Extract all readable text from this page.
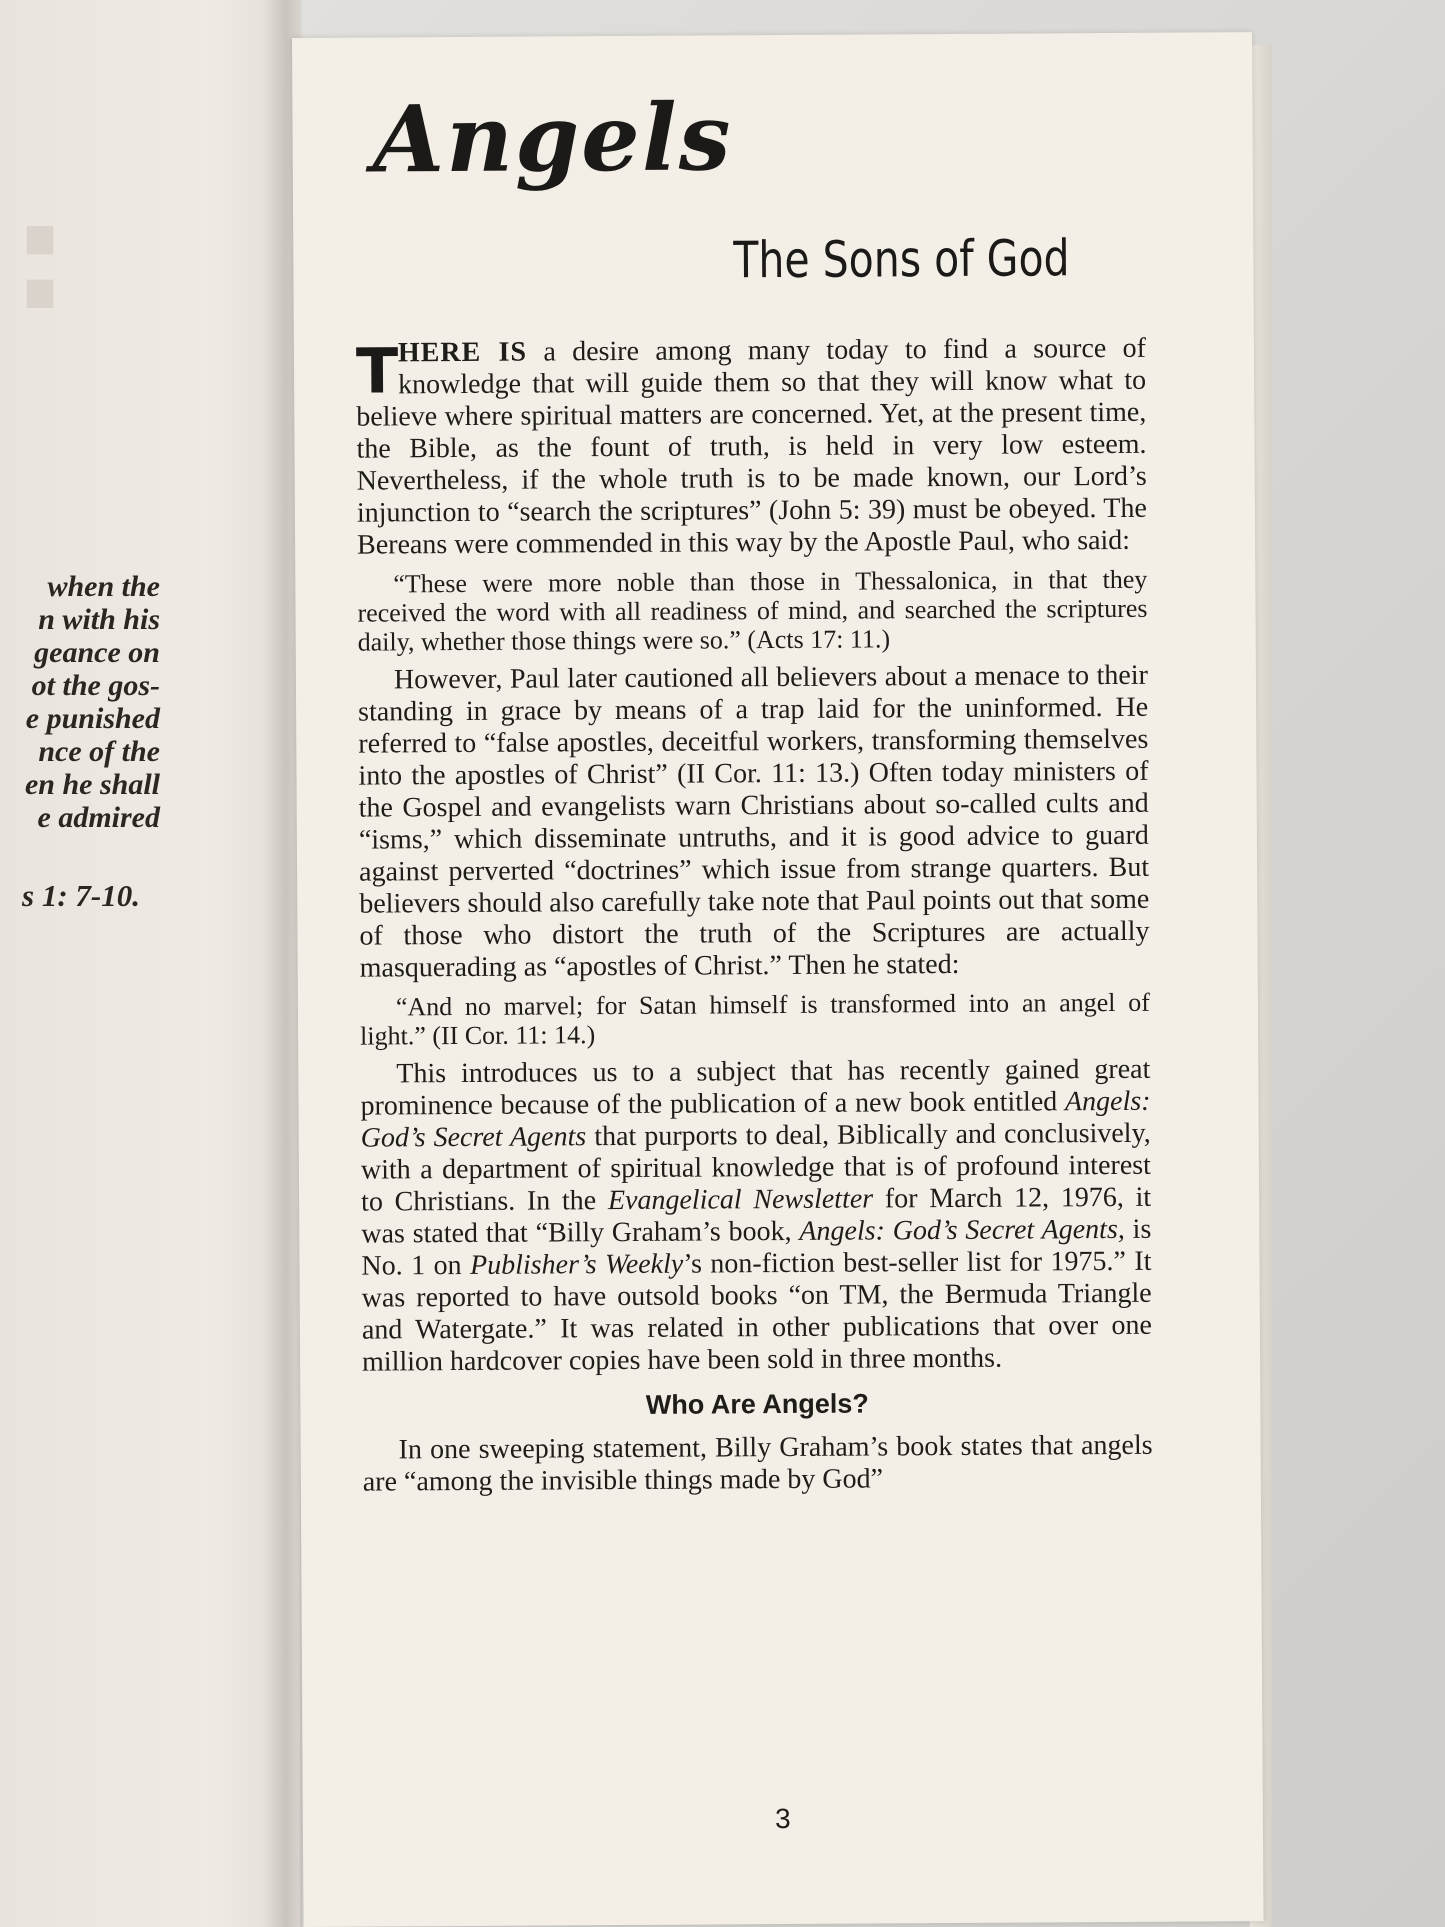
:
when the
n with his
geance on
ot the gos-
e punished
nce of the
en he shall
e admired
s 1: 7-10.
Angels
The Sons of God

THERE IS a desire among many today to find a source of knowledge that will guide them so that they will know what to believe where spiritual matters are concerned. Yet, at the present time, the Bible, as the fount of truth, is held in very low esteem. Nevertheless, if the whole truth is to be made known, our Lord’s injunction to “search the scriptures” (John 5: 39) must be obeyed. The Bereans were commended in this way by the Apostle Paul, who said:

“These were more noble than those in Thessalonica, in that they received the word with all readiness of mind, and searched the scriptures daily, whether those things were so.” (Acts 17: 11.)

However, Paul later cautioned all believers about a menace to their standing in grace by means of a trap laid for the uninformed. He referred to “false apostles, deceitful workers, transforming themselves into the apostles of Christ” (II Cor. 11: 13.) Often today ministers of the Gospel and evangelists warn Christians about so-called cults and “isms,” which disseminate untruths, and it is good advice to guard against perverted “doctrines” which issue from strange quarters. But believers should also carefully take note that Paul points out that some of those who distort the truth of the Scriptures are actually masquerading as “apostles of Christ.” Then he stated:

“And no marvel; for Satan himself is transformed into an angel of light.” (II Cor. 11: 14.)

This introduces us to a subject that has recently gained great prominence because of the publication of a new book entitled Angels: God’s Secret Agents that purports to deal, Biblically and conclusively, with a department of spiritual knowledge that is of profound interest to Christians. In the Evangelical Newsletter for March 12, 1976, it was stated that “Billy Graham’s book, Angels: God’s Secret Agents, is No. 1 on Publisher’s Weekly’s non-fiction best-seller list for 1975.” It was reported to have outsold books “on TM, the Bermuda Triangle and Watergate.” It was related in other publications that over one million hardcover copies have been sold in three months.

Who Are Angels?

In one sweeping statement, Billy Graham’s book states that angels are “among the invisible things made by God”

3
